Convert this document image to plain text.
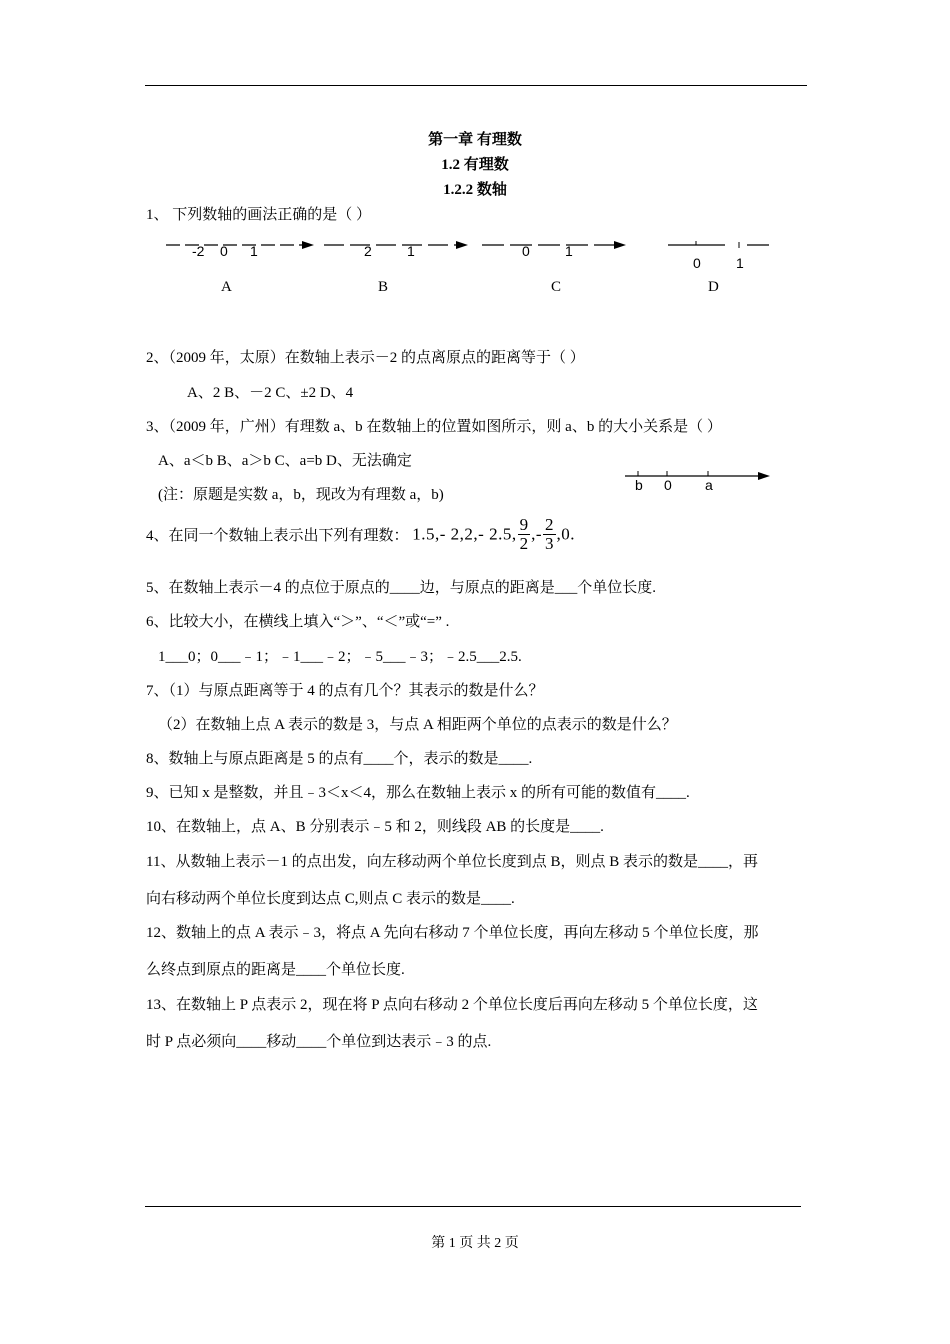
第一章 有理数
1.2 有理数
1.2.2 数轴
1、 下列数轴的画法正确的是（ ）
-2 0 1	2	1	0	1
0	1
A	B	C	D
2、（2009 年，太原）在数轴上表示－2 的点离原点的距离等于（ ）
A、2 B、－2 C、±2 D、4
3、（2009 年，广州）有理数 a、b 在数轴上的位置如图所示，则 a、b 的大小关系是（ ）
A、a＜b B、a＞b C、a=b D、无法确定
(注：原题是实数 a，b，现改为有理数 a，b)
b 0 a
4、在同一个数轴上表示出下列有理数： 1.5,- 2,2,- 2.5, $\frac{9}{2}$ ,- $\frac{2}{3} ,0$.
5、在数轴上表示－4 的点位于原点的____边，与原点的距离是___个单位长度.
6、比较大小，在横线上填入“＞”、“＜”或“=” .
1___0；0___﹣1；﹣1___﹣2；﹣5___﹣3；﹣2.5___2.5.
7、（1）与原点距离等于 4 的点有几个？其表示的数是什么？
（2）在数轴上点 A 表示的数是 3，与点 A 相距两个单位的点表示的数是什么？
8、数轴上与原点距离是 5 的点有____个，表示的数是____.
9、已知 x 是整数，并且﹣3＜x＜4，那么在数轴上表示 x 的所有可能的数值有____.
10、在数轴上，点 A、B 分别表示﹣5 和 2，则线段 AB 的长度是____.
11、从数轴上表示－1 的点出发，向左移动两个单位长度到点 B，则点 B 表示的数是____，再
向右移动两个单位长度到达点 C,则点 C 表示的数是____.
12、数轴上的点 A 表示﹣3，将点 A 先向右移动 7 个单位长度，再向左移动 5 个单位长度，那
么终点到原点的距离是____个单位长度.
13、在数轴上 P 点表示 2，现在将 P 点向右移动 2 个单位长度后再向左移动 5 个单位长度，这
时 P 点必须向____移动____个单位到达表示﹣3 的点.
第 1 页 共 2 页
